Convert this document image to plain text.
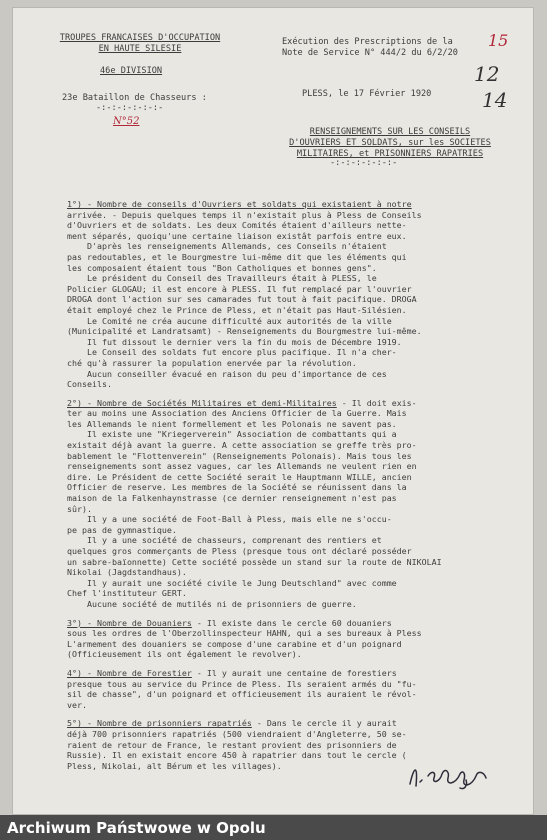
TROUPES FRANCAISES D'OCCUPATION
EN HAUTE SILESIE
46e DIVISION
23e Bataillon de Chasseurs :
-:-:-:-:-:-:-
N°52
Exécution des Prescriptions de la
Note de Service N° 444/2 du 6/2/20
15
12
14
PLESS, le 17 Février 1920
RENSEIGNEMENTS SUR LES CONSEILS
D'OUVRIERS ET SOLDATS, sur les SOCIETES
MILITAIRES, et PRISONNIERS RAPATRIES
-:-:-:-:-:-:-

1°) - Nombre de conseils d'Ouvriers et soldats qui existaient à notre

arrivée. - Depuis quelques temps il n'existait plus à Pless de Conseils

d'Ouvriers et de soldats. Les deux Comités étaient d'ailleurs nette-

ment séparés, quoiqu'une certaine liaison existât parfois entre eux.

D'après les renseignements Allemands, ces Conseils n'étaient

pas redoutables, et le Bourgmestre lui-même dit que les éléments qui

les composaient étaient tous "Bon Catholiques et bonnes gens".

Le président du Conseil des Travailleurs était à PLESS, le

Policier GLOGAU; il est encore à PLESS. Il fut remplacé par l'ouvrier

DROGA dont l'action sur ses camarades fut tout à fait pacifique. DROGA

était employé chez le Prince de Pless, et n'était pas Haut-Silésien.

Le Comité ne créa aucune difficulté aux autorités de la ville

(Municipalité et Landratsamt) - Renseignements du Bourgmestre lui-même.

Il fut dissout le dernier vers la fin du mois de Décembre 1919.

Le Conseil des soldats fut encore plus pacifique. Il n'a cher-

ché qu'à rassurer la population enervée par la révolution.

Aucun conseiller évacué en raison du peu d'importance de ces

Conseils.

2°) - Nombre de Sociétés Militaires et demi-Militaires - Il doit exis-

ter au moins une Association des Anciens Officier de la Guerre. Mais

les Allemands le nient formellement et les Polonais ne savent pas.

Il existe une "Kriegerverein" Association de combattants qui a

existait déjà avant la guerre. A cette association se greffe très pro-

bablement le "Flottenverein" (Renseignements Polonais). Mais tous les

renseignements sont assez vagues, car les Allemands ne veulent rien en

dire. Le Président de cette Société serait le Hauptmann WILLE, ancien

Officier de reserve. Les membres de la Société se réunissent dans la

maison de la Falkenhaynstrasse (ce dernier renseignement n'est pas

sûr).

Il y a une société de Foot-Ball à Pless, mais elle ne s'occu-

pe pas de gymnastique.

Il y a une société de chasseurs, comprenant des rentiers et

quelques gros commerçants de Pless (presque tous ont déclaré posséder

un sabre-baïonnette) Cette société possède un stand sur la route de NIKOLAI

Nikolai (Jagdstandhaus).

Il y aurait une société civile le Jung Deutschland" avec comme

Chef l'instituteur GERT.

Aucune société de mutilés ni de prisonniers de guerre.

3°) - Nombre de Douaniers - Il existe dans le cercle 60 douaniers

sous les ordres de l'Oberzollinspecteur HAHN, qui a ses bureaux à Pless

L'armement des douaniers se compose d'une carabine et d'un poignard

(Officieusement ils ont également le revolver).

4°) - Nombre de Forestier - Il y aurait une centaine de forestiers

presque tous au service du Prince de Pless. Ils seraient armés du "fu-

sil de chasse", d'un poignard et officieusement ils auraient le révol-

ver.

5°) - Nombre de prisonniers rapatriés - Dans le cercle il y aurait

déjà 700 prisonniers rapatriés (500 viendraient d'Angleterre, 50 se-

raient de retour de France, le restant provient des prisonniers de

Russie). Il en existait encore 450 à rapatrier dans tout le cercle (

Pless, Nikolai, alt Bérum et les villages).

Archiwum Państwowe w Opolu
